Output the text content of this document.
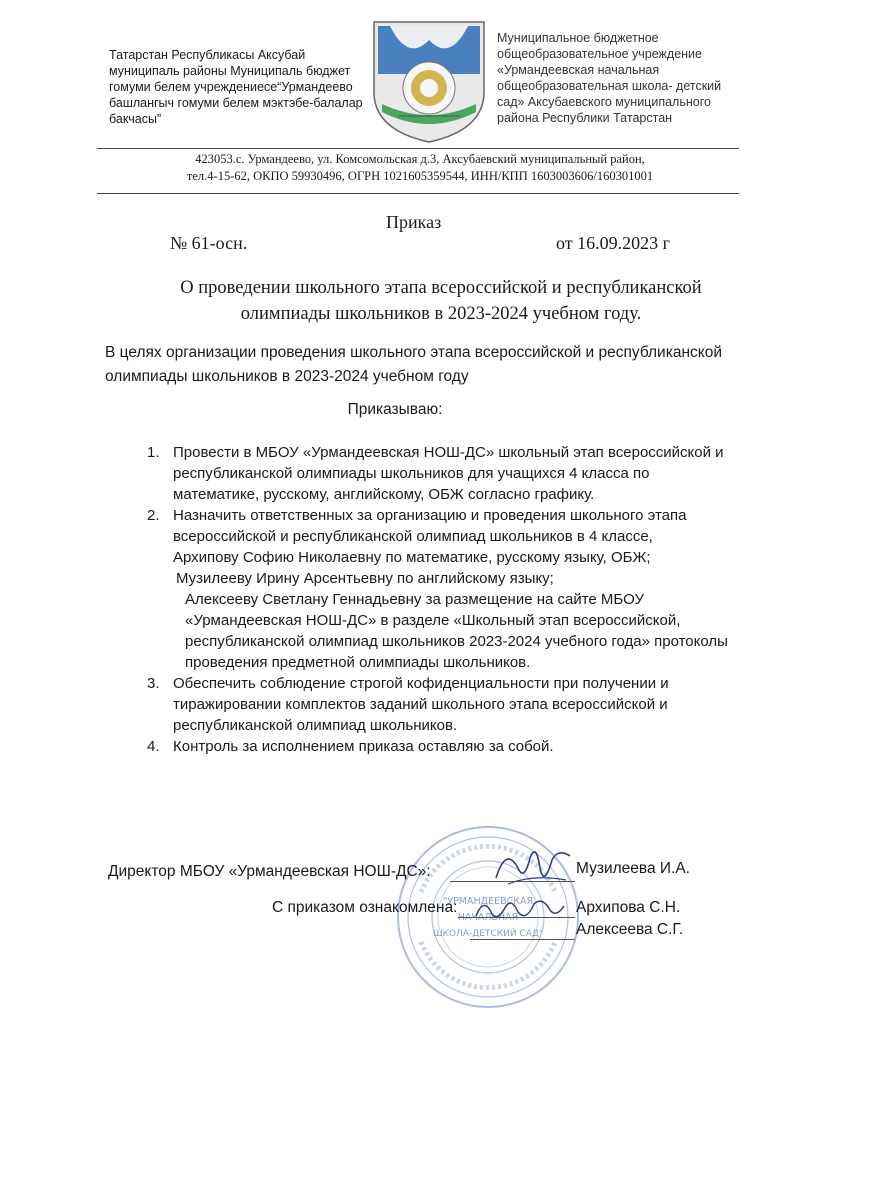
Татарстан Республикасы Аксубай
муниципаль районы Муниципаль бюджет
гомуми белем учреждениесе“Урмандеево
башлангыч гомуми белем мэктэбе-балалар
бакчасы”
Муниципальное бюджетное
общеобразовательное учреждение
«Урмандеевская начальная
общеобразовательная школа- детский
сад» Аксубаевского муниципального
района Республики Татарстан
423053.с. Урмандеево, ул. Комсомольская д.3, Аксубаевский муниципальный район,
тел.4-15-62, ОКПО 59930496, ОГРН 1021605359544, ИНН/КПП 1603003606/160301001
Приказ
№ 61-осн.	от 16.09.2023 г
О проведении школьного этапа всероссийской и республиканской
олимпиады школьников в 2023-2024 учебном году.
В целях организации проведения школьного этапа всероссийской и республиканской
олимпиады школьников в 2023-2024 учебном году
Приказываю:
1. Провести в МБОУ «Урмандеевская НОШ-ДС» школьный этап всероссийской и
республиканской олимпиады школьников для учащихся 4 класса по
математике, русскому, английскому, ОБЖ согласно графику.
2. Назначить ответственных за организацию и проведения школьного этапа
всероссийской и республиканской олимпиад школьников в 4 классе,
Архипову Софию Николаевну по математике, русскому языку, ОБЖ;
Музилееву Ирину Арсентьевну по английскому языку;
Алексееву Светлану Геннадьевну за размещение на сайте МБОУ
«Урмандеевская НОШ-ДС» в разделе «Школьный этап всероссийской,
республиканской олимпиад школьников 2023-2024 учебного года» протоколы
проведения предметной олимпиады школьников.
3. Обеспечить соблюдение строгой кофиденциальности при получении и
тиражировании комплектов заданий школьного этапа всероссийской и
республиканской олимпиад школьников.
4. Контроль за исполнением приказа оставляю за собой.
"УРМАНДЕЕВСКАЯ
НАЧАЛЬНАЯ
ШКОЛА-ДЕТСКИЙ САД"
Директор МБОУ «Урмандеевская НОШ-ДС»:	Музилеева И.А.
С приказом ознакомлена:	Архипова С.Н.
Алексеева С.Г.
